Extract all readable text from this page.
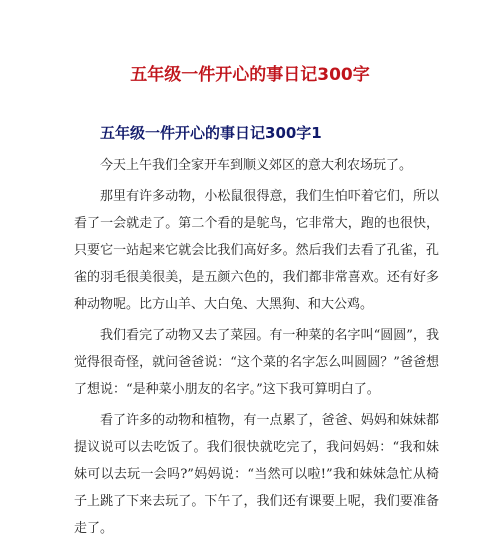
五年级一件开心的事日记300字
五年级一件开心的事日记300字1

今天上午我们全家开车到顺义郊区的意大利农场玩了。

那里有许多动物，小松鼠很得意，我们生怕吓着它们，所以看了一会就走了。第二个看的是鸵鸟，它非常大，跑的也很快，只要它一站起来它就会比我们高好多。然后我们去看了孔雀，孔雀的羽毛很美很美，是五颜六色的，我们都非常喜欢。还有好多种动物呢。比方山羊、大白兔、大黑狗、和大公鸡。

我们看完了动物又去了菜园。有一种菜的名字叫“圆圆”，我觉得很奇怪，就问爸爸说：“这个菜的名字怎么叫圆圆？”爸爸想了想说：“是种菜小朋友的名字。”这下我可算明白了。

看了许多的动物和植物，有一点累了，爸爸、妈妈和妹妹都提议说可以去吃饭了。我们很快就吃完了，我问妈妈：“我和妹妹可以去玩一会吗?”妈妈说：“当然可以啦!”我和妹妹急忙从椅子上跳了下来去玩了。下午了，我们还有课要上呢，我们要准备走了。
